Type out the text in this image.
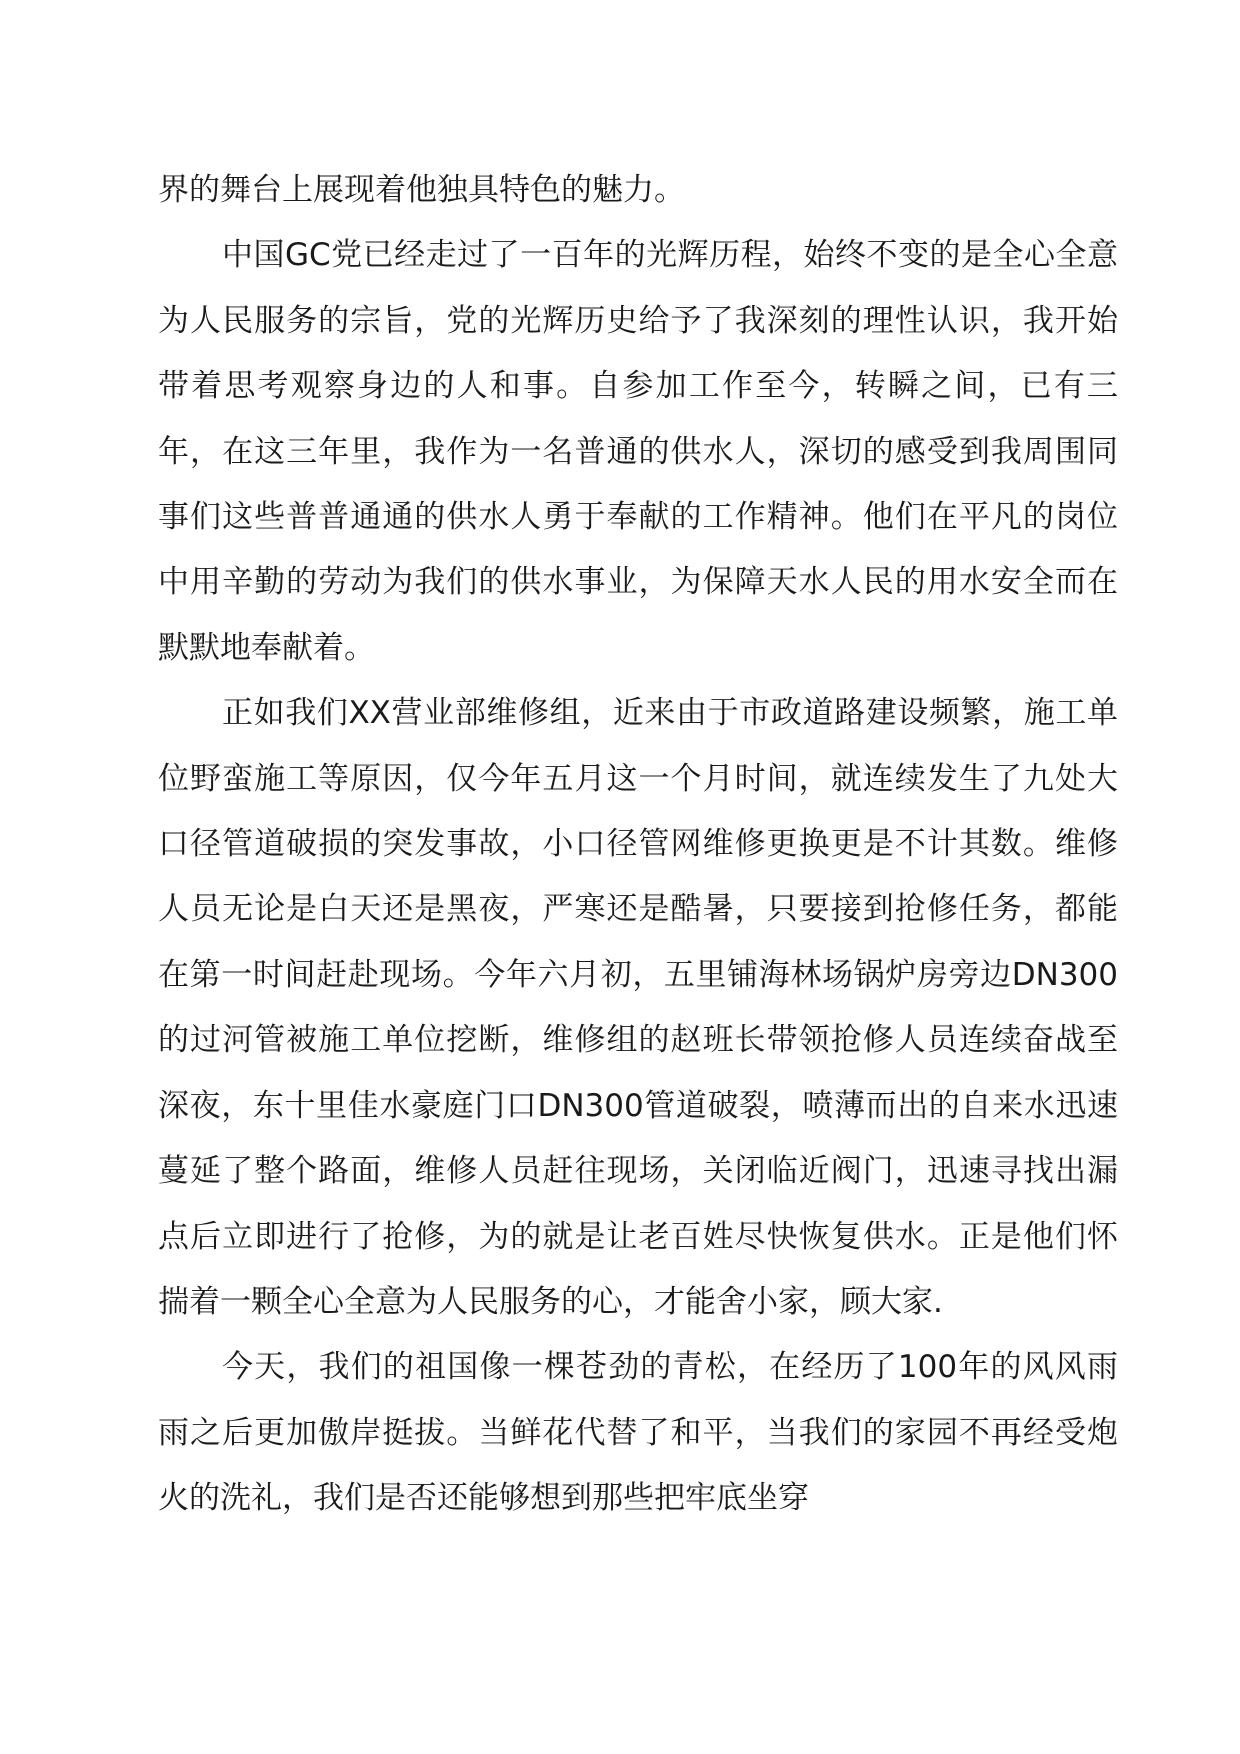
界的舞台上展现着他独具特色的魅力。

中国GC党已经走过了一百年的光辉历程，始终不变的是全心全意为人民服务的宗旨，党的光辉历史给予了我深刻的理性认识，我开始带着思考观察身边的人和事。自参加工作至今，转瞬之间，已有三年，在这三年里，我作为一名普通的供水人，深切的感受到我周围同事们这些普普通通的供水人勇于奉献的工作精神。他们在平凡的岗位中用辛勤的劳动为我们的供水事业，为保障天水人民的用水安全而在默默地奉献着。

正如我们XX营业部维修组，近来由于市政道路建设频繁，施工单位野蛮施工等原因，仅今年五月这一个月时间，就连续发生了九处大口径管道破损的突发事故，小口径管网维修更换更是不计其数。维修人员无论是白天还是黑夜，严寒还是酷暑，只要接到抢修任务，都能在第一时间赶赴现场。今年六月初，五里铺海林场锅炉房旁边DN300的过河管被施工单位挖断，维修组的赵班长带领抢修人员连续奋战至深夜，东十里佳水豪庭门口DN300管道破裂，喷薄而出的自来水迅速蔓延了整个路面，维修人员赶往现场，关闭临近阀门，迅速寻找出漏点后立即进行了抢修，为的就是让老百姓尽快恢复供水。正是他们怀揣着一颗全心全意为人民服务的心，才能舍小家，顾大家.

今天，我们的祖国像一棵苍劲的青松，在经历了100年的风风雨雨之后更加傲岸挺拔。当鲜花代替了和平，当我们的家园不再经受炮火的洗礼，我们是否还能够想到那些把牢底坐穿
